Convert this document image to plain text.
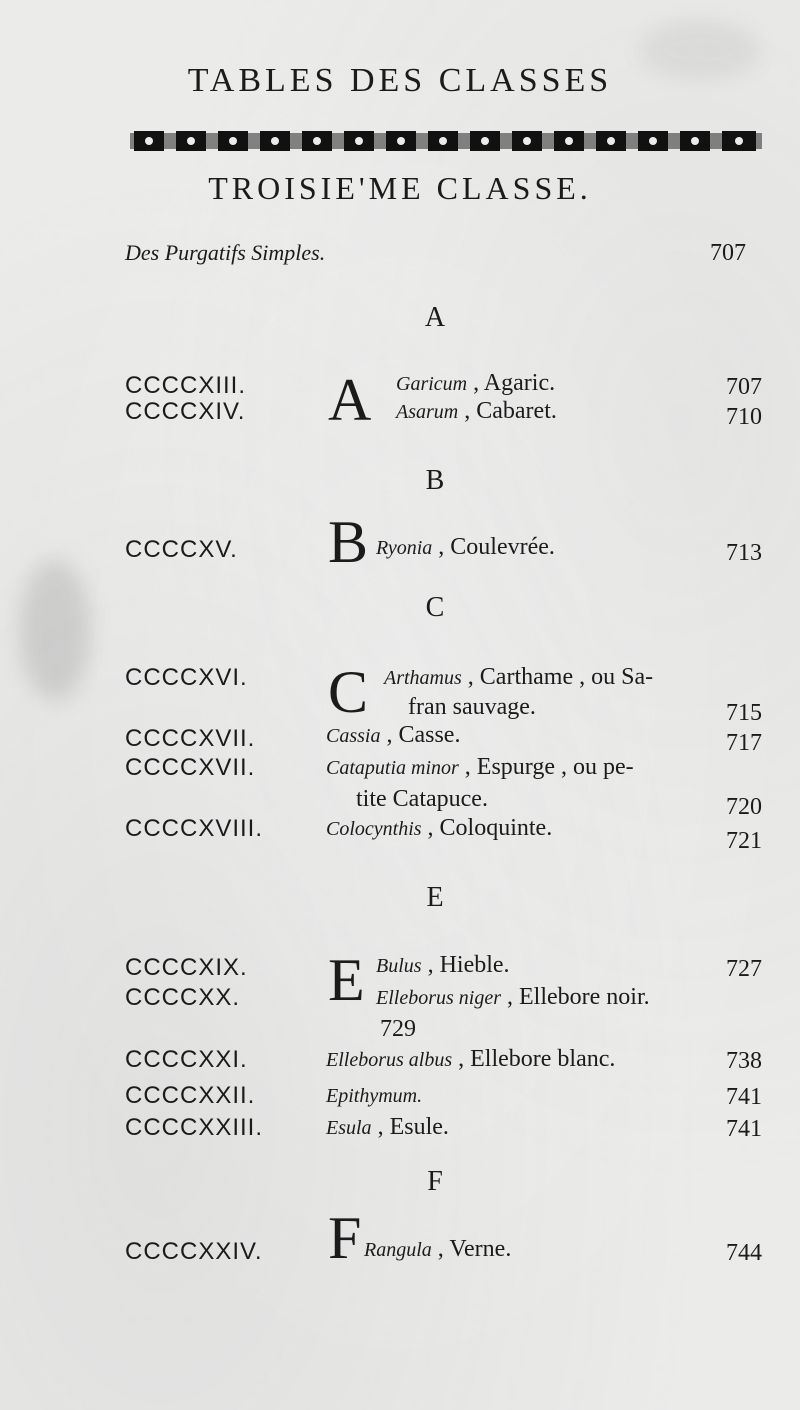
TABLES DES CLASSES
TROISIE'ME CLASSE.
Des Purgatifs Simples.	707
A
CCCCXIII. A Garicum , Agaric.	707
CCCCXIV.	Asarum , Cabaret.	710
B
CCCCXV. B Ryonia , Coulevrée.	713
C
CCCCXVI. C Arthamus , Carthame , ou Sa-
fran sauvage.	715
CCCCXVII.	Cassia , Casse.	717
CCCCXVII.	Cataputia minor , Espurge , ou pe-
tite Catapuce.	720
CCCCXVIII.	Colocynthis , Coloquinte.	721
E
CCCCXIX. E Bulus , Hieble.	727
CCCCXX.	Elleborus niger , Ellebore noir.
729
CCCCXXI.	Elleborus albus , Ellebore blanc.	738
CCCCXXII.	Epithymum.	741
CCCCXXIII.	Esula , Esule.	741
F
CCCCXXIV. F Rangula , Verne.	744
